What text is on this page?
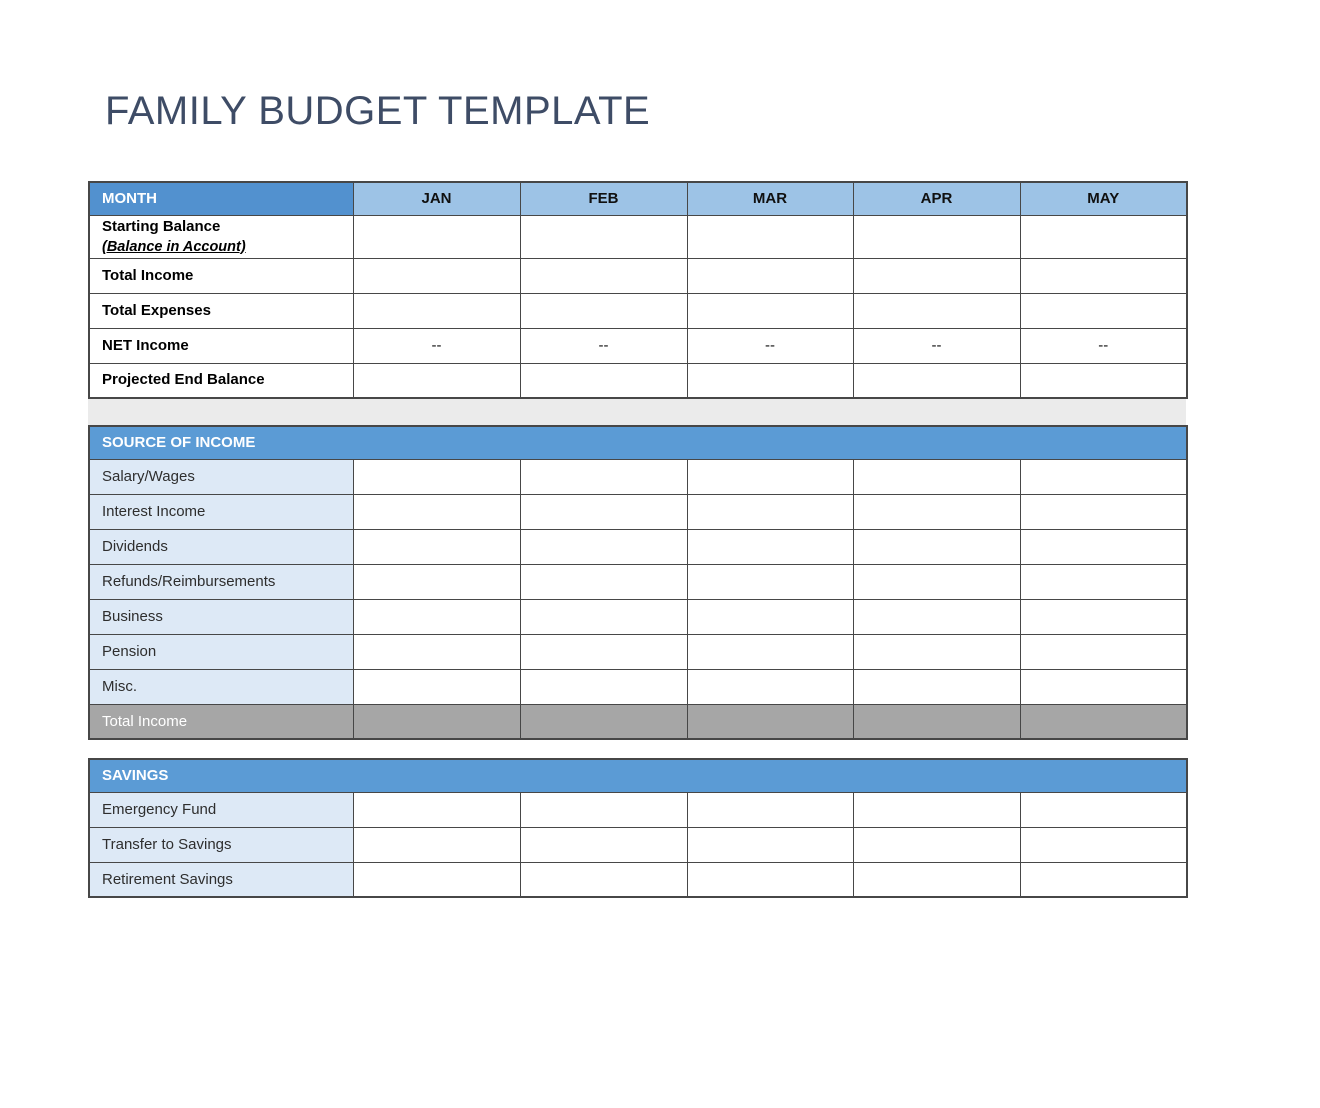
FAMILY BUDGET TEMPLATE
MONTH	JAN	FEB	MAR	APR	MAY

Starting Balance
(Balance in Account)					

Total Income					
Total Expenses					
NET Income	--	--	--	--	--
Projected End Balance					
SOURCE OF INCOME					
Salary/Wages					
Interest Income					
Dividends					
Refunds/Reimbursements					
Business					
Pension					
Misc.					
Total Income					
SAVINGS					
Emergency Fund					
Transfer to Savings					
Retirement Savings					
